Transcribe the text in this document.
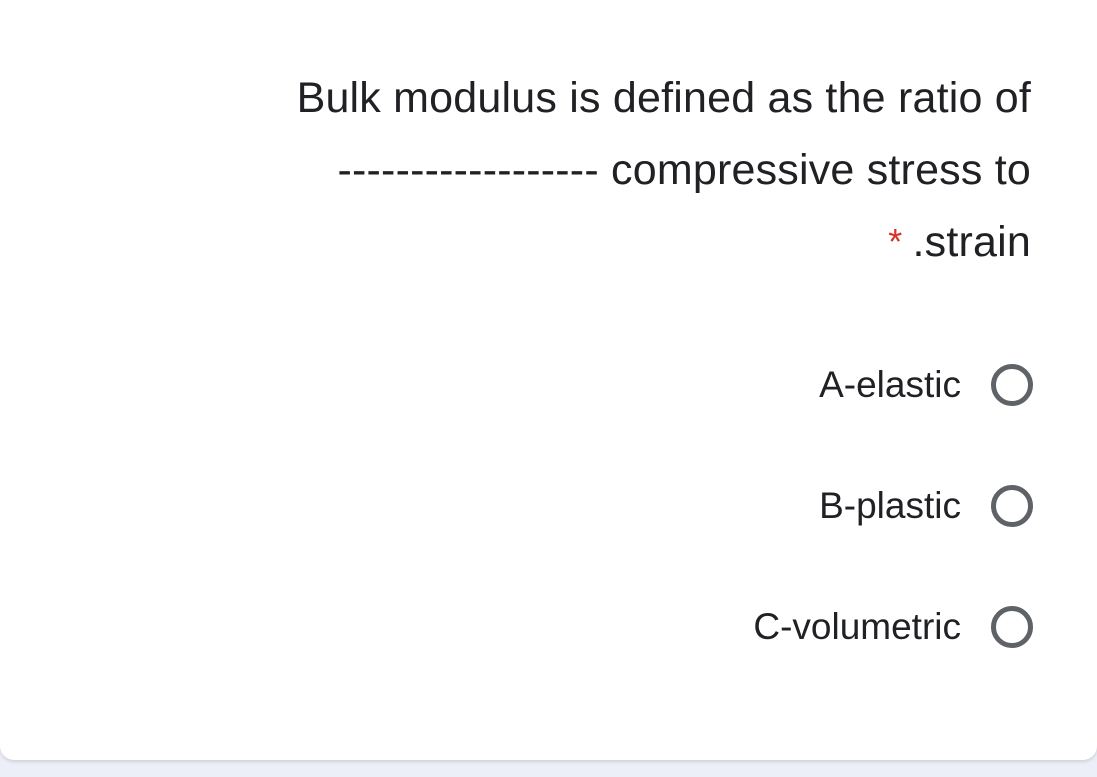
Bulk modulus is defined as the ratio of
compressive stress to ------------------
* .strain
A-elastic
B-plastic
C-volumetric
